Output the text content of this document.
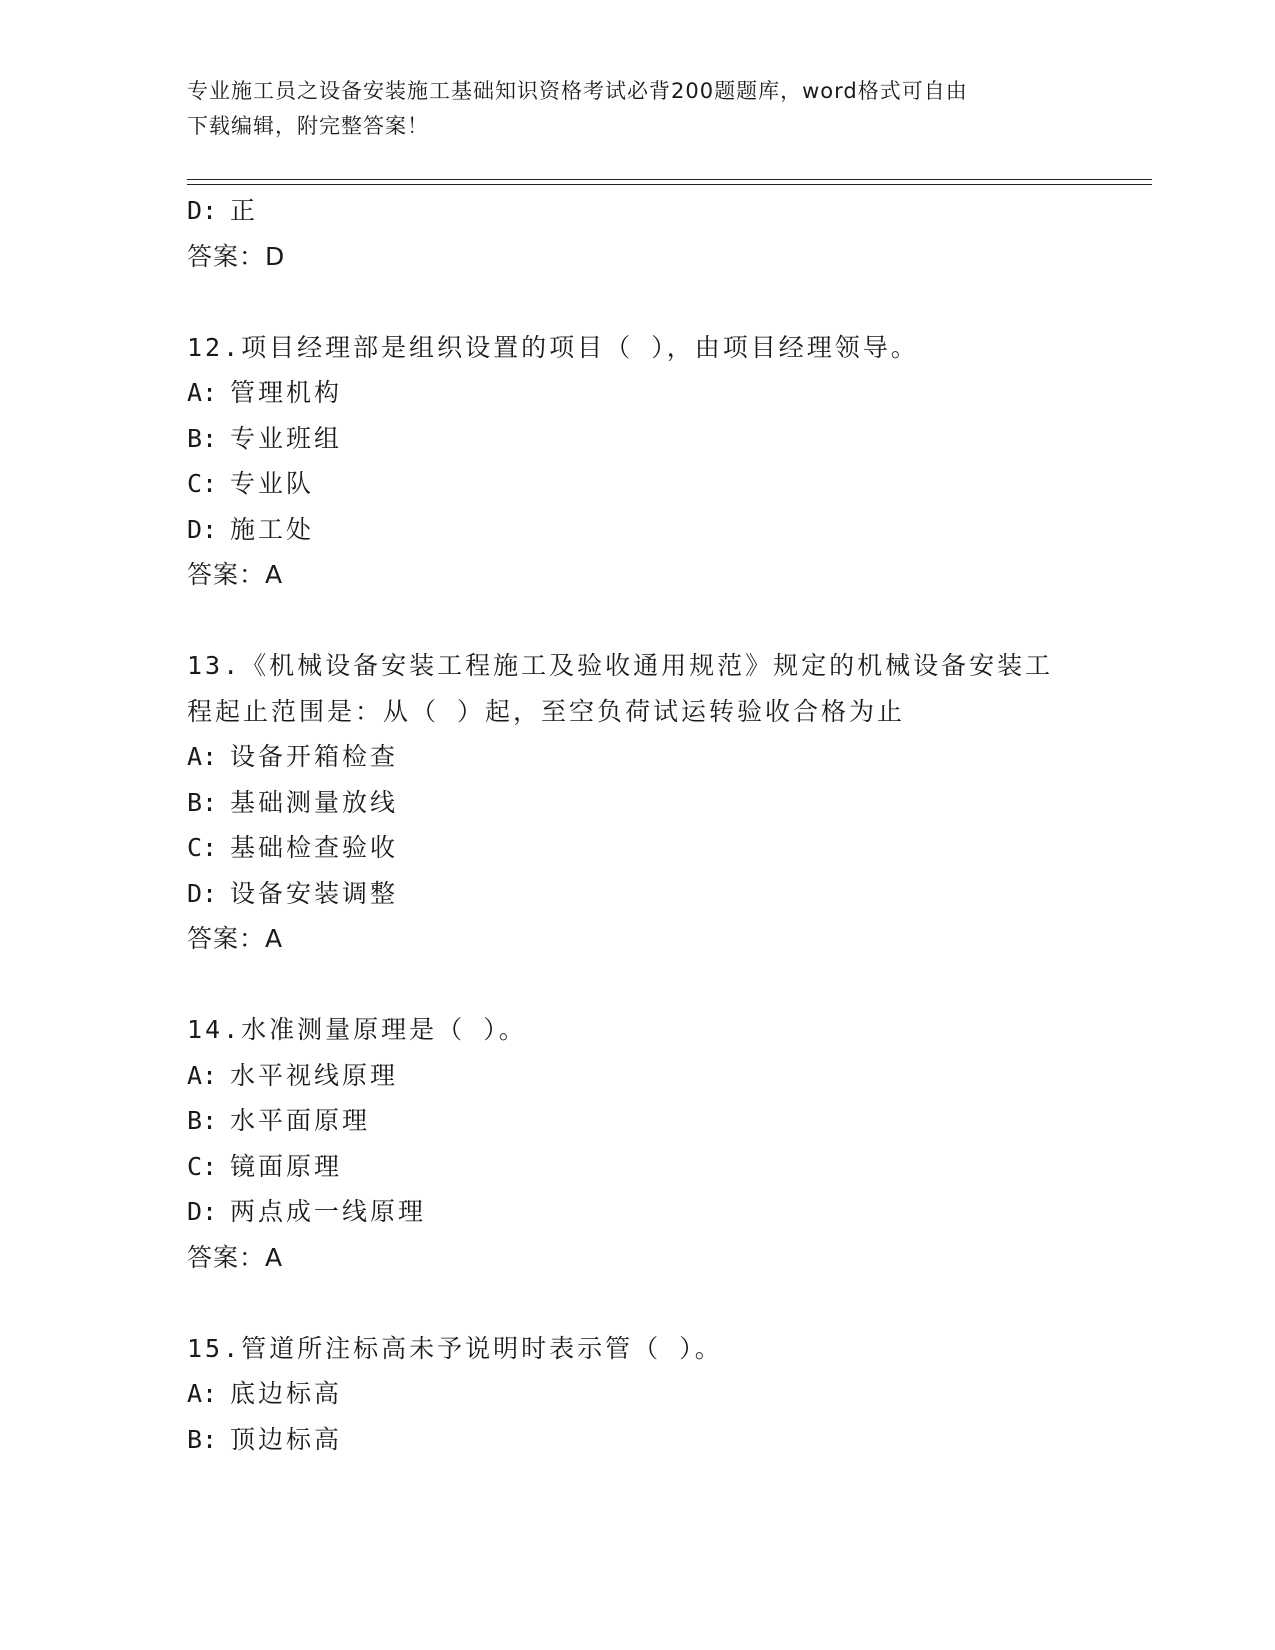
专业施工员之设备安装施工基础知识资格考试必背200题题库，word格式可自由
下载编辑，附完整答案！
D: 正
答案：D
12.项目经理部是组织设置的项目（ ），由项目经理领导。
A: 管理机构
B: 专业班组
C: 专业队
D: 施工处
答案：A
13.《机械设备安装工程施工及验收通用规范》规定的机械设备安装工
程起止范围是：从（ ）起，至空负荷试运转验收合格为止
A: 设备开箱检查
B: 基础测量放线
C: 基础检查验收
D: 设备安装调整
答案：A
14.水准测量原理是（ ）。
A: 水平视线原理
B: 水平面原理
C: 镜面原理
D: 两点成一线原理
答案：A
15.管道所注标高未予说明时表示管（ ）。
A: 底边标高
B: 顶边标高
